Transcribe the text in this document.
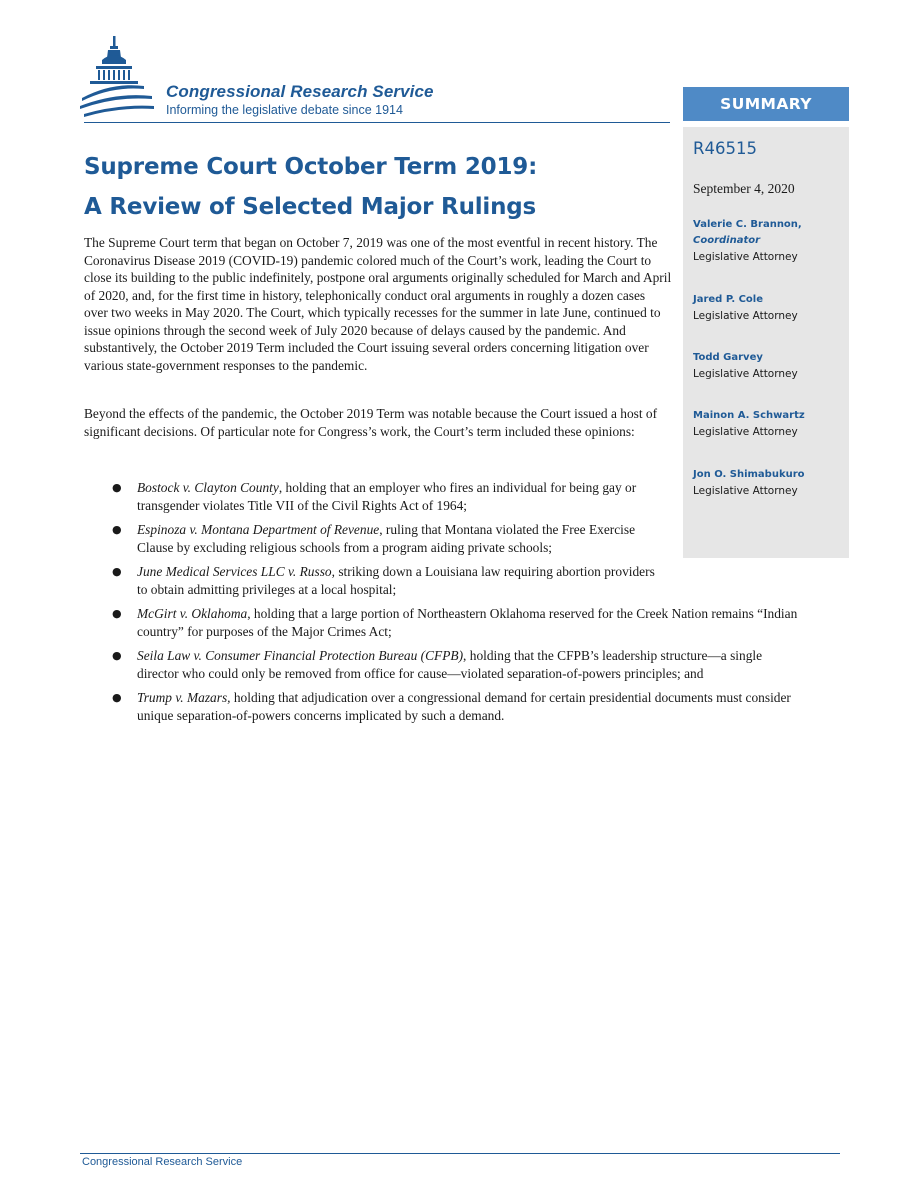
Congressional Research Service
Informing the legislative debate since 1914
Supreme Court October Term 2019:
A Review of Selected Major Rulings

The Supreme Court term that began on October 7, 2019 was one of the most eventful in recent history. The Coronavirus Disease 2019 (COVID-19) pandemic colored much of the Court’s work, leading the Court to close its building to the public indefinitely, postpone oral arguments originally scheduled for March and April of 2020, and, for the first time in history, telephonically conduct oral arguments in roughly a dozen cases over two weeks in May 2020. The Court, which typically recesses for the summer in late June, continued to issue opinions through the second week of July 2020 because of delays caused by the pandemic. And substantively, the October 2019 Term included the Court issuing several orders concerning litigation over various state-government responses to the pandemic.

Beyond the effects of the pandemic, the October 2019 Term was notable because the Court issued a host of significant decisions. Of particular note for Congress’s work, the Court’s term included these opinions:

● Bostock v. Clayton County, holding that an employer who fires an individual for being gay or transgender violates Title VII of the Civil Rights Act of 1964;
● Espinoza v. Montana Department of Revenue, ruling that Montana violated the Free Exercise Clause by excluding religious schools from a program aiding private schools;
● June Medical Services LLC v. Russo, striking down a Louisiana law requiring abortion providers to obtain admitting privileges at a local hospital;
● McGirt v. Oklahoma, holding that a large portion of Northeastern Oklahoma reserved for the Creek Nation remains “Indian country” for purposes of the Major Crimes Act;
● Seila Law v. Consumer Financial Protection Bureau (CFPB), holding that the CFPB’s leadership structure—a single director who could only be removed from office for cause—violated separation-of-powers principles; and
● Trump v. Mazars, holding that adjudication over a congressional demand for certain presidential documents must consider unique separation-of-powers concerns implicated by such a demand.
SUMMARY

R46515

September 4, 2020
Valerie C. Brannon,
Coordinator
Legislative Attorney
Jared P. Cole
Legislative Attorney
Todd Garvey
Legislative Attorney
Mainon A. Schwartz
Legislative Attorney
Jon O. Shimabukuro
Legislative Attorney
Congressional Research Service
